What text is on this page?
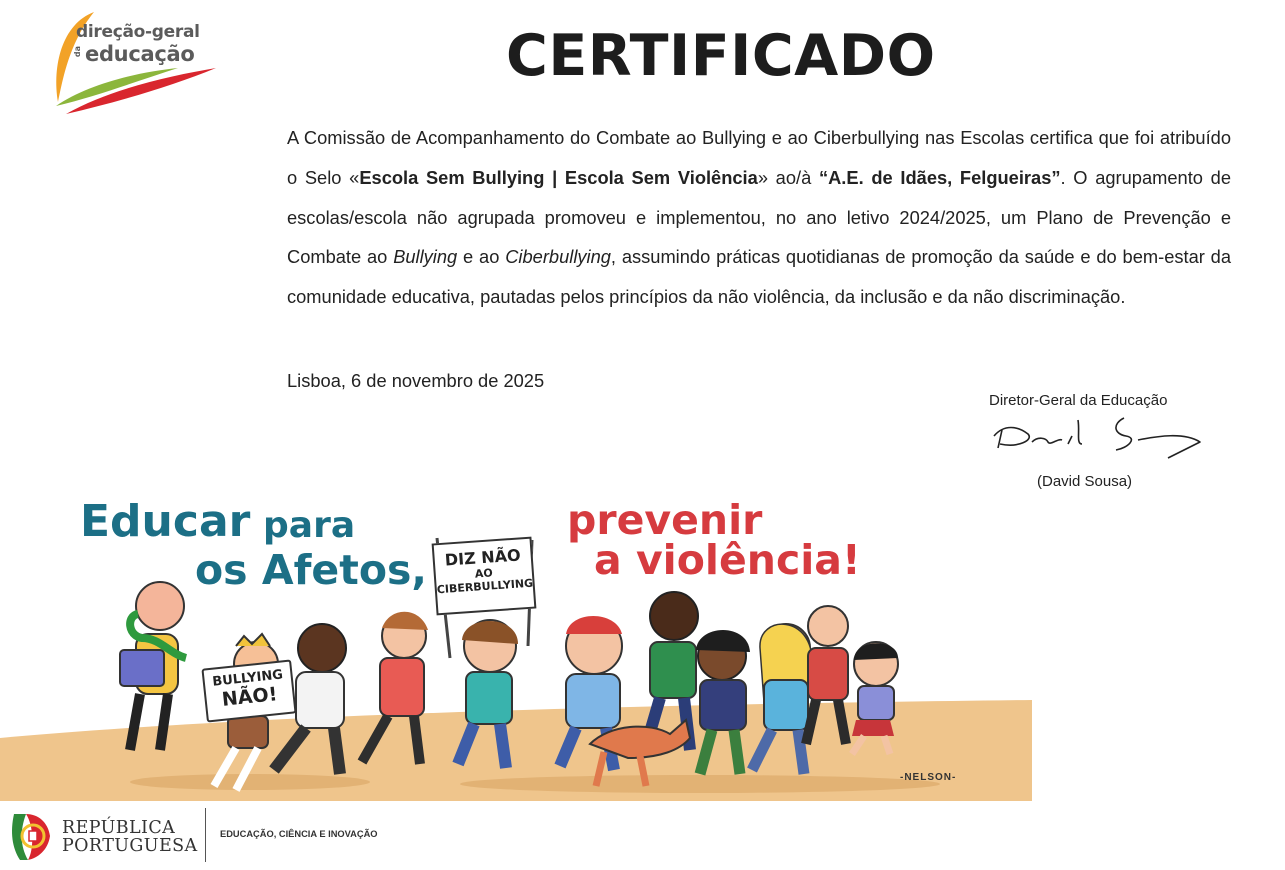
direção-geral
da educação	CERTIFICADO

A Comissão de Acompanhamento do Combate ao Bullying e ao Ciberbullying nas Escolas certifica que foi atribuído o Selo «Escola Sem Bullying | Escola Sem Violência» ao/à “A.E. de Idães, Felgueiras”. O agrupamento de escolas/escola não agrupada promoveu e implementou, no ano letivo 2024/2025, um Plano de Prevenção e Combate ao Bullying e ao Ciberbullying, assumindo práticas quotidianas de promoção da saúde e do bem-estar da comunidade educativa, pautadas pelos princípios da não violência, da inclusão e da não discriminação.

Lisboa, 6 de novembro de 2025
Diretor-Geral da Educação
(David Sousa)
Educar para
os Afetos,
prevenir
a violência!
DIZ NÃO
AO
CIBERBULLYING
BULLYING
NÃO!
-NELSON-
REPÚBLICA
PORTUGUESA
EDUCAÇÃO, CIÊNCIA E INOVAÇÃO
